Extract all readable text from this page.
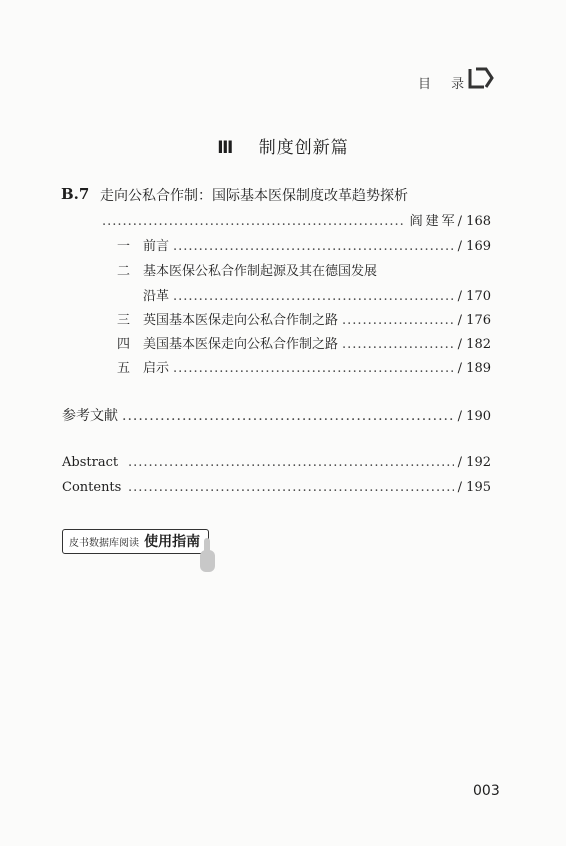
目 录
Ⅲ 制度创新篇
B.7 走向公私合作制：国际基本医保制度改革趋势探析
.....
阎建军 / 168
一 前言 .....	/ 169
二 基本医保公私合作制起源及其在德国发展
沿革 .....	/ 170
三 英国基本医保走向公私合作制之路 .....	/ 176
四 美国基本医保走向公私合作制之路 .....	/ 182
五 启示 .....	/ 189
参考文献 .....	/ 190
Abstract .....	/ 192
Contents .....	/ 195
皮书数据库阅读 使用指南
003
